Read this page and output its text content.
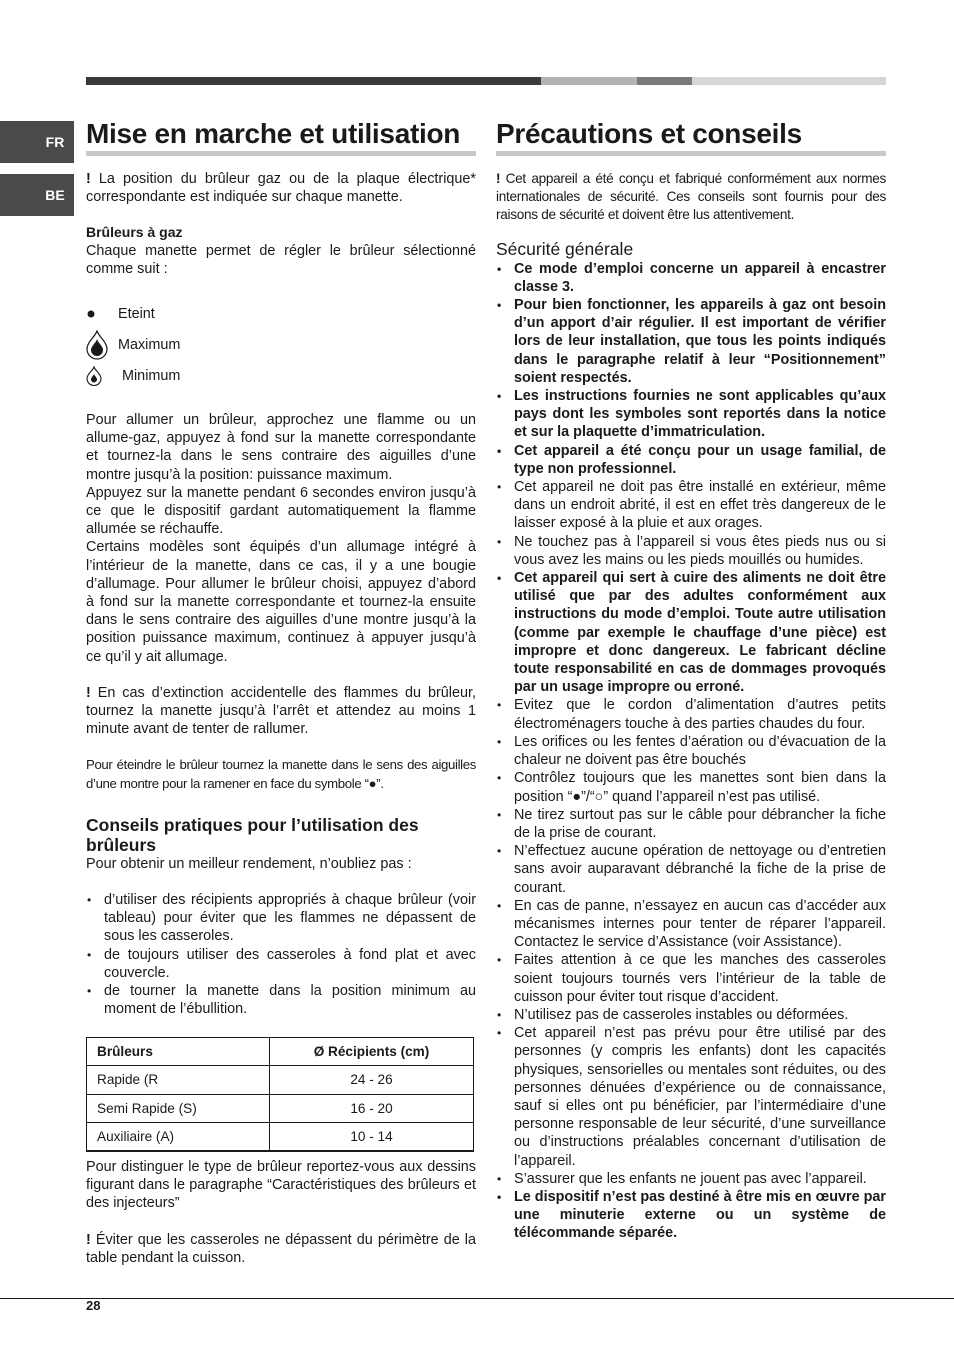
FR
BE
Mise en marche et utilisation

! La position du brûleur gaz ou de la plaque électrique* correspondante est indiquée sur chaque manette.

Brûleurs à gaz

Chaque manette permet de régler le brûleur sélectionné comme suit :

Eteint
Maximum
Minimum

Pour allumer un brûleur, approchez une flamme ou un allume-gaz, appuyez à fond sur la manette correspondante et tournez-la dans le sens contraire des aiguilles d’une montre jusqu’à la position: puissance maximum.

Appuyez sur la manette pendant 6 secondes environ jusqu’à ce que le dispositif gardant automatiquement la flamme allumée se réchauffe.

Certains modèles sont équipés d’un allumage intégré à l’intérieur de la manette, dans ce cas, il y a une bougie d’allumage. Pour allumer le brûleur choisi, appuyez d’abord à fond sur la manette correspondante et tournez-la ensuite dans le sens contraire des aiguilles d’une montre jusqu’à la position puissance maximum, continuez à appuyer jusqu’à ce qu’il y ait allumage.

! En cas d’extinction accidentelle des flammes du brûleur, tournez la manette jusqu’à l’arrêt et attendez au moins 1 minute avant de tenter de rallumer.

Pour éteindre le brûleur tournez la manette dans le sens des aiguilles d’une montre pour la ramener en face du symbole “●”.

Conseils pratiques pour l’utilisation des brûleurs

Pour obtenir un meilleur rendement, n’oubliez pas :

• d’utiliser des récipients appropriés à chaque brûleur (voir tableau) pour éviter que les flammes ne dépassent de sous les casseroles.
• de toujours utiliser des casseroles à fond plat et avec couvercle.
• de tourner la manette dans la position minimum au moment de l’ébullition.
Brûleurs	Ø Récipients (cm)
Rapide (R	24 - 26
Semi Rapide (S)	16 - 20
Auxiliaire (A)	10 - 14

Pour distinguer le type de brûleur reportez-vous aux dessins figurant dans le paragraphe “Caractéristiques des brûleurs et des injecteurs”

! Éviter que les casseroles ne dépassent du périmètre de la table pendant la cuisson.

Précautions et conseils

! Cet appareil a été conçu et fabriqué conformément aux normes internationales de sécurité. Ces conseils sont fournis pour des raisons de sécurité et doivent être lus attentivement.

Sécurité générale
• Ce mode d’emploi concerne un appareil à encastrer classe 3.
• Pour bien fonctionner, les appareils à gaz ont besoin d’un apport d’air régulier. Il est important de vérifier lors de leur installation, que tous les points indiqués dans le paragraphe relatif à leur “Positionnement” soient respectés.
• Les instructions fournies ne sont applicables qu’aux pays dont les symboles sont reportés dans la notice et sur la plaquette d’immatriculation.
• Cet appareil a été conçu pour un usage familial, de type non professionnel.
• Cet appareil ne doit pas être installé en extérieur, même dans un endroit abrité, il est en effet très dangereux de le laisser exposé à la pluie et aux orages.
• Ne touchez pas à l’appareil si vous êtes pieds nus ou si vous avez les mains ou les pieds mouillés ou humides.
• Cet appareil qui sert à cuire des aliments ne doit être utilisé que par des adultes conformément aux instructions du mode d’emploi. Toute autre utilisation (comme par exemple le chauffage d’une pièce) est impropre et donc dangereux. Le fabricant décline toute responsabilité en cas de dommages provoqués par un usage impropre ou erroné.
• Evitez que le cordon d’alimentation d’autres petits électroménagers touche à des parties chaudes du four.
• Les orifices ou les fentes d’aération ou d’évacuation de la chaleur ne doivent pas être bouchés
• Contrôlez toujours que les manettes sont bien dans la position “●”/“○” quand l’appareil n’est pas utilisé.
• Ne tirez surtout pas sur le câble pour débrancher la fiche de la prise de courant.
• N’effectuez aucune opération de nettoyage ou d’entretien sans avoir auparavant débranché la fiche de la prise de courant.
• En cas de panne, n’essayez en aucun cas d’accéder aux mécanismes internes pour tenter de réparer l’appareil. Contactez le service d’Assistance (voir Assistance).
• Faites attention à ce que les manches des casseroles soient toujours tournés vers l’intérieur de la table de cuisson pour éviter tout risque d’accident.
• N’utilisez pas de casseroles instables ou déformées.
• Cet appareil n’est pas prévu pour être utilisé par des personnes (y compris les enfants) dont les capacités physiques, sensorielles ou mentales sont réduites, ou des personnes dénuées d’expérience ou de connaissance, sauf si elles ont pu bénéficier, par l’intermédiaire d’une personne responsable de leur sécurité, d’une surveillance ou d’instructions préalables concernant d’utilisation de l’appareil.
• S’assurer que les enfants ne jouent pas avec l’appareil.
• Le dispositif n’est pas destiné à être mis en œuvre par une minuterie externe ou un système de télécommande séparée.
28
